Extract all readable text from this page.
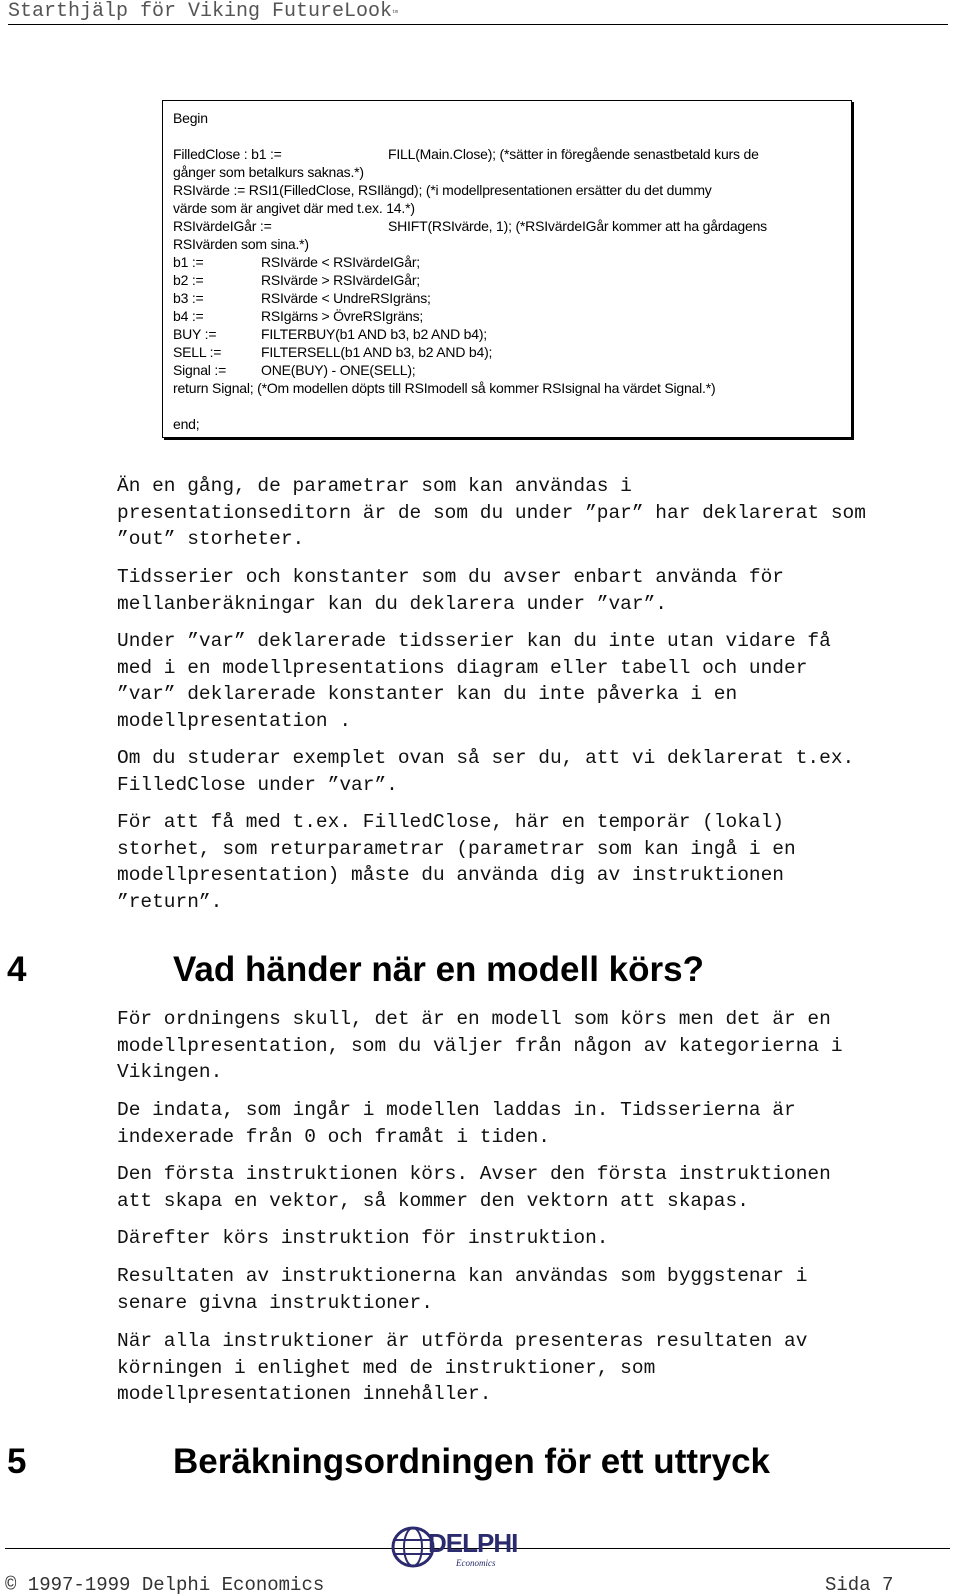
Starthjälp för Viking FutureLook$^{tm}$
Begin
FilledClose : b1 :=	FILL(Main.Close); (*sätter in föregående senastbetald kurs de
gånger som betalkurs saknas.*)
RSIvärde := RSI1(FilledClose, RSIlängd); (*i modellpresentationen ersätter du det dummy
värde som är angivet där med t.ex. 14.*)
RSIvärdeIGår :=	SHIFT(RSIvärde, 1); (*RSIvärdeIGår kommer att ha gårdagens
RSIvärden som sina.*)
b1 :=	RSIvärde < RSIvärdeIGår;
b2 :=	RSIvärde > RSIvärdeIGår;
b3 :=	RSIvärde < UndreRSIgräns;
b4 :=	RSIgärns > ÖvreRSIgräns;
BUY :=	FILTERBUY(b1 AND b3, b2 AND b4);
SELL :=	FILTERSELL(b1 AND b3, b2 AND b4);
Signal := ONE(BUY) - ONE(SELL);
return Signal; (*Om modellen döpts till RSImodell så kommer RSIsignal ha värdet Signal.*)
end;
Än en gång, de parametrar som kan användas i
presentationseditorn är de som du under ”par” har deklarerat som
”out” storheter.
Tidsserier och konstanter som du avser enbart använda för
mellanberäkningar kan du deklarera under ”var”.
Under ”var” deklarerade tidsserier kan du inte utan vidare få
med i en modellpresentations diagram eller tabell och under
”var” deklarerade konstanter kan du inte påverka i en
modellpresentation .
Om du studerar exemplet ovan så ser du, att vi deklarerat t.ex.
FilledClose under ”var”.
För att få med t.ex. FilledClose, här en temporär (lokal)
storhet, som returparametrar (parametrar som kan ingå i en
modellpresentation) måste du använda dig av instruktionen
”return”.
4	Vad händer när en modell körs?
För ordningens skull, det är en modell som körs men det är en
modellpresentation, som du väljer från någon av kategorierna i
Vikingen.
De indata, som ingår i modellen laddas in. Tidsserierna är
indexerade från 0 och framåt i tiden.
Den första instruktionen körs. Avser den första instruktionen
att skapa en vektor, så kommer den vektorn att skapas.
Därefter körs instruktion för instruktion.
Resultaten av instruktionerna kan användas som byggstenar i
senare givna instruktioner.
När alla instruktioner är utförda presenteras resultaten av
körningen i enlighet med de instruktioner, som
modellpresentationen innehåller.
5	Beräkningsordningen för ett uttryck
© 1997-1999 Delphi Economics
DELPHI
Economics
Sida 7
